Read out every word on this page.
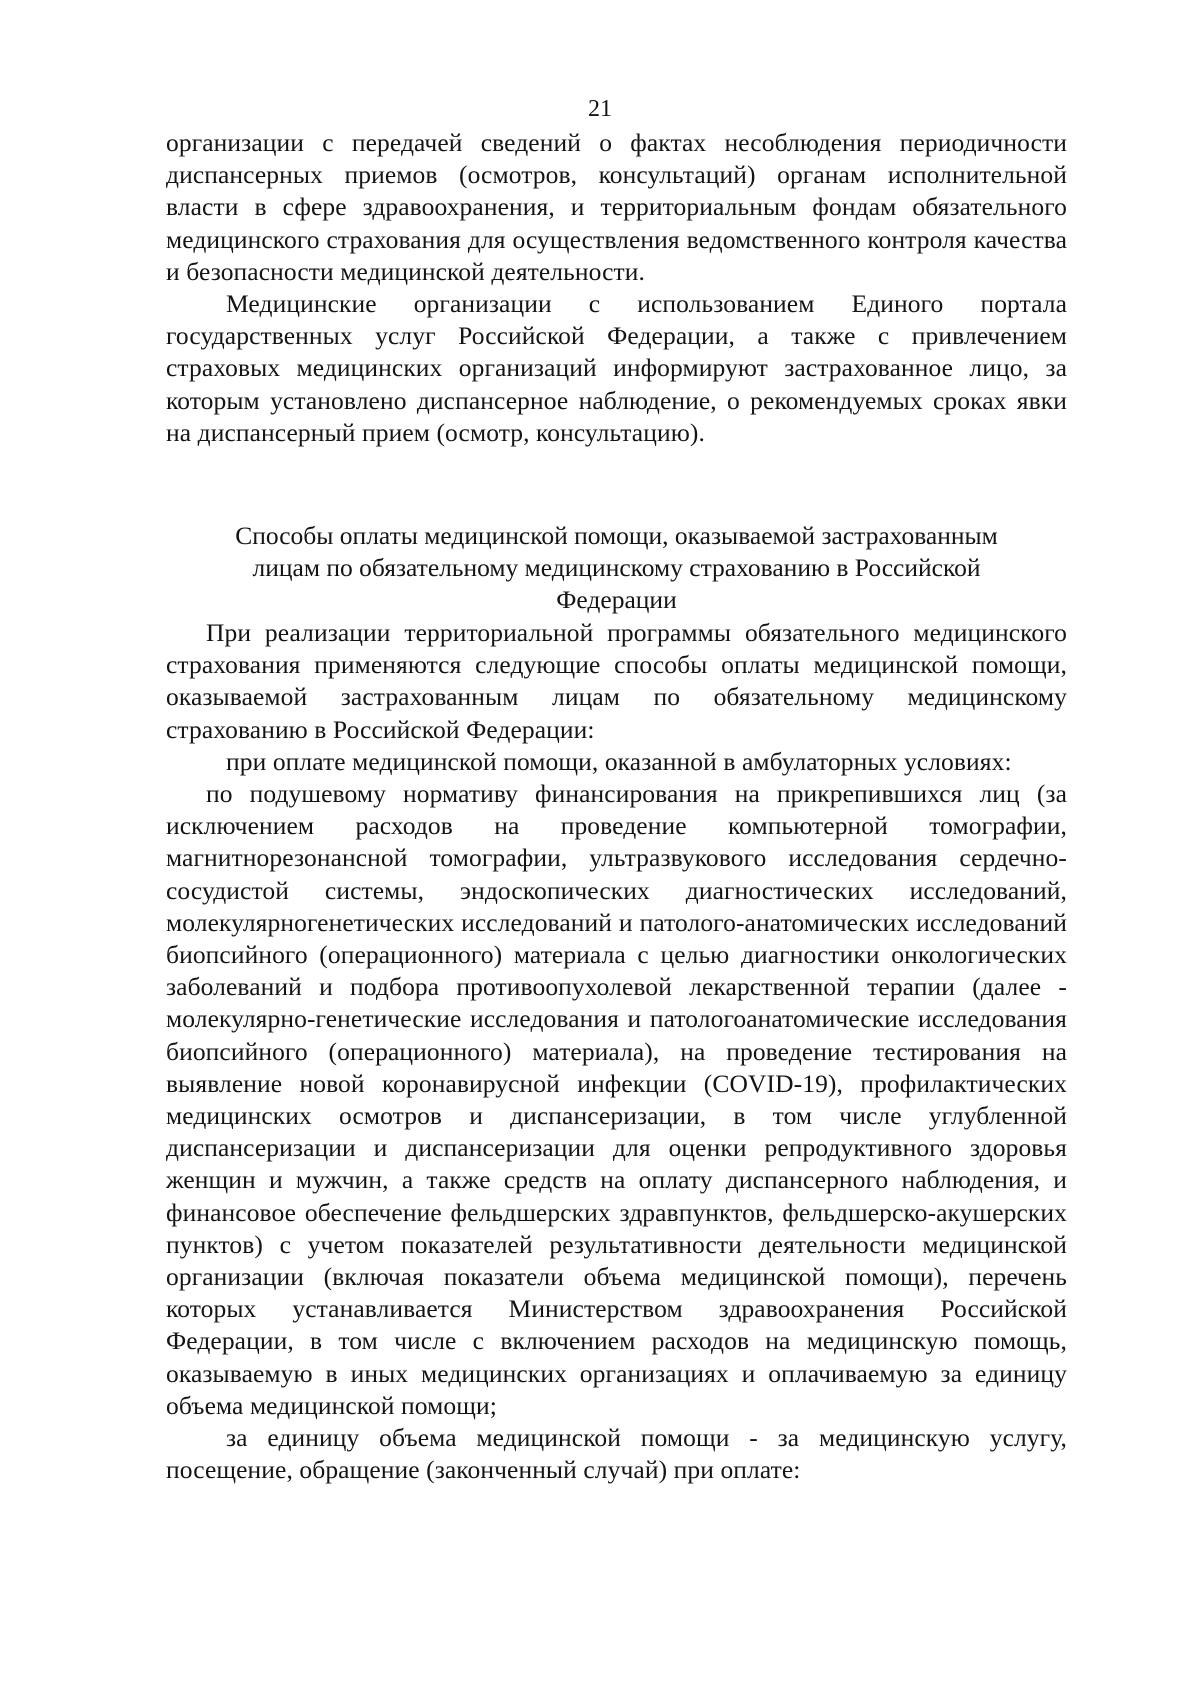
21

организации с передачей сведений о фактах несоблюдения периодичности диспансерных приемов (осмотров, консультаций) органам исполнительной власти в сфере здравоохранения, и территориальным фондам обязательного медицинского страхования для осуществления ведомственного контроля качества и безопасности медицинской деятельности.

Медицинские организации с использованием Единого портала государственных услуг Российской Федерации, а также с привлечением страховых медицинских организаций информируют застрахованное лицо, за которым установлено диспансерное наблюдение, о рекомендуемых сроках явки на диспансерный прием (осмотр, консультацию).

Способы оплаты медицинской помощи, оказываемой застрахованным
лицам по обязательному медицинскому страхованию в Российской
Федерации

При реализации территориальной программы обязательного медицинского страхования применяются следующие способы оплаты медицинской помощи, оказываемой застрахованным лицам по обязательному медицинскому страхованию в Российской Федерации:

при оплате медицинской помощи, оказанной в амбулаторных условиях:

по подушевому нормативу финансирования на прикрепившихся лиц (за исключением расходов на проведение компьютерной томографии, магнитнорезонансной томографии, ультразвукового исследования сердечно-сосудистой системы, эндоскопических диагностических исследований, молекулярногенетических исследований и патолого-анатомических исследований биопсийного (операционного) материала с целью диагностики онкологических заболеваний и подбора противоопухолевой лекарственной терапии (далее - молекулярно-генетические исследования и патологоанатомические исследования биопсийного (операционного) материала), на проведение тестирования на выявление новой коронавирусной инфекции (COVID-19), профилактических медицинских осмотров и диспансеризации, в том числе углубленной диспансеризации и диспансеризации для оценки репродуктивного здоровья женщин и мужчин, а также средств на оплату диспансерного наблюдения, и финансовое обеспечение фельдшерских здравпунктов, фельдшерско-акушерских пунктов) с учетом показателей результативности деятельности медицинской организации (включая показатели объема медицинской помощи), перечень которых устанавливается Министерством здравоохранения Российской Федерации, в том числе с включением расходов на медицинскую помощь, оказываемую в иных медицинских организациях и оплачиваемую за единицу объема медицинской помощи;

за единицу объема медицинской помощи - за медицинскую услугу, посещение, обращение (законченный случай) при оплате:
